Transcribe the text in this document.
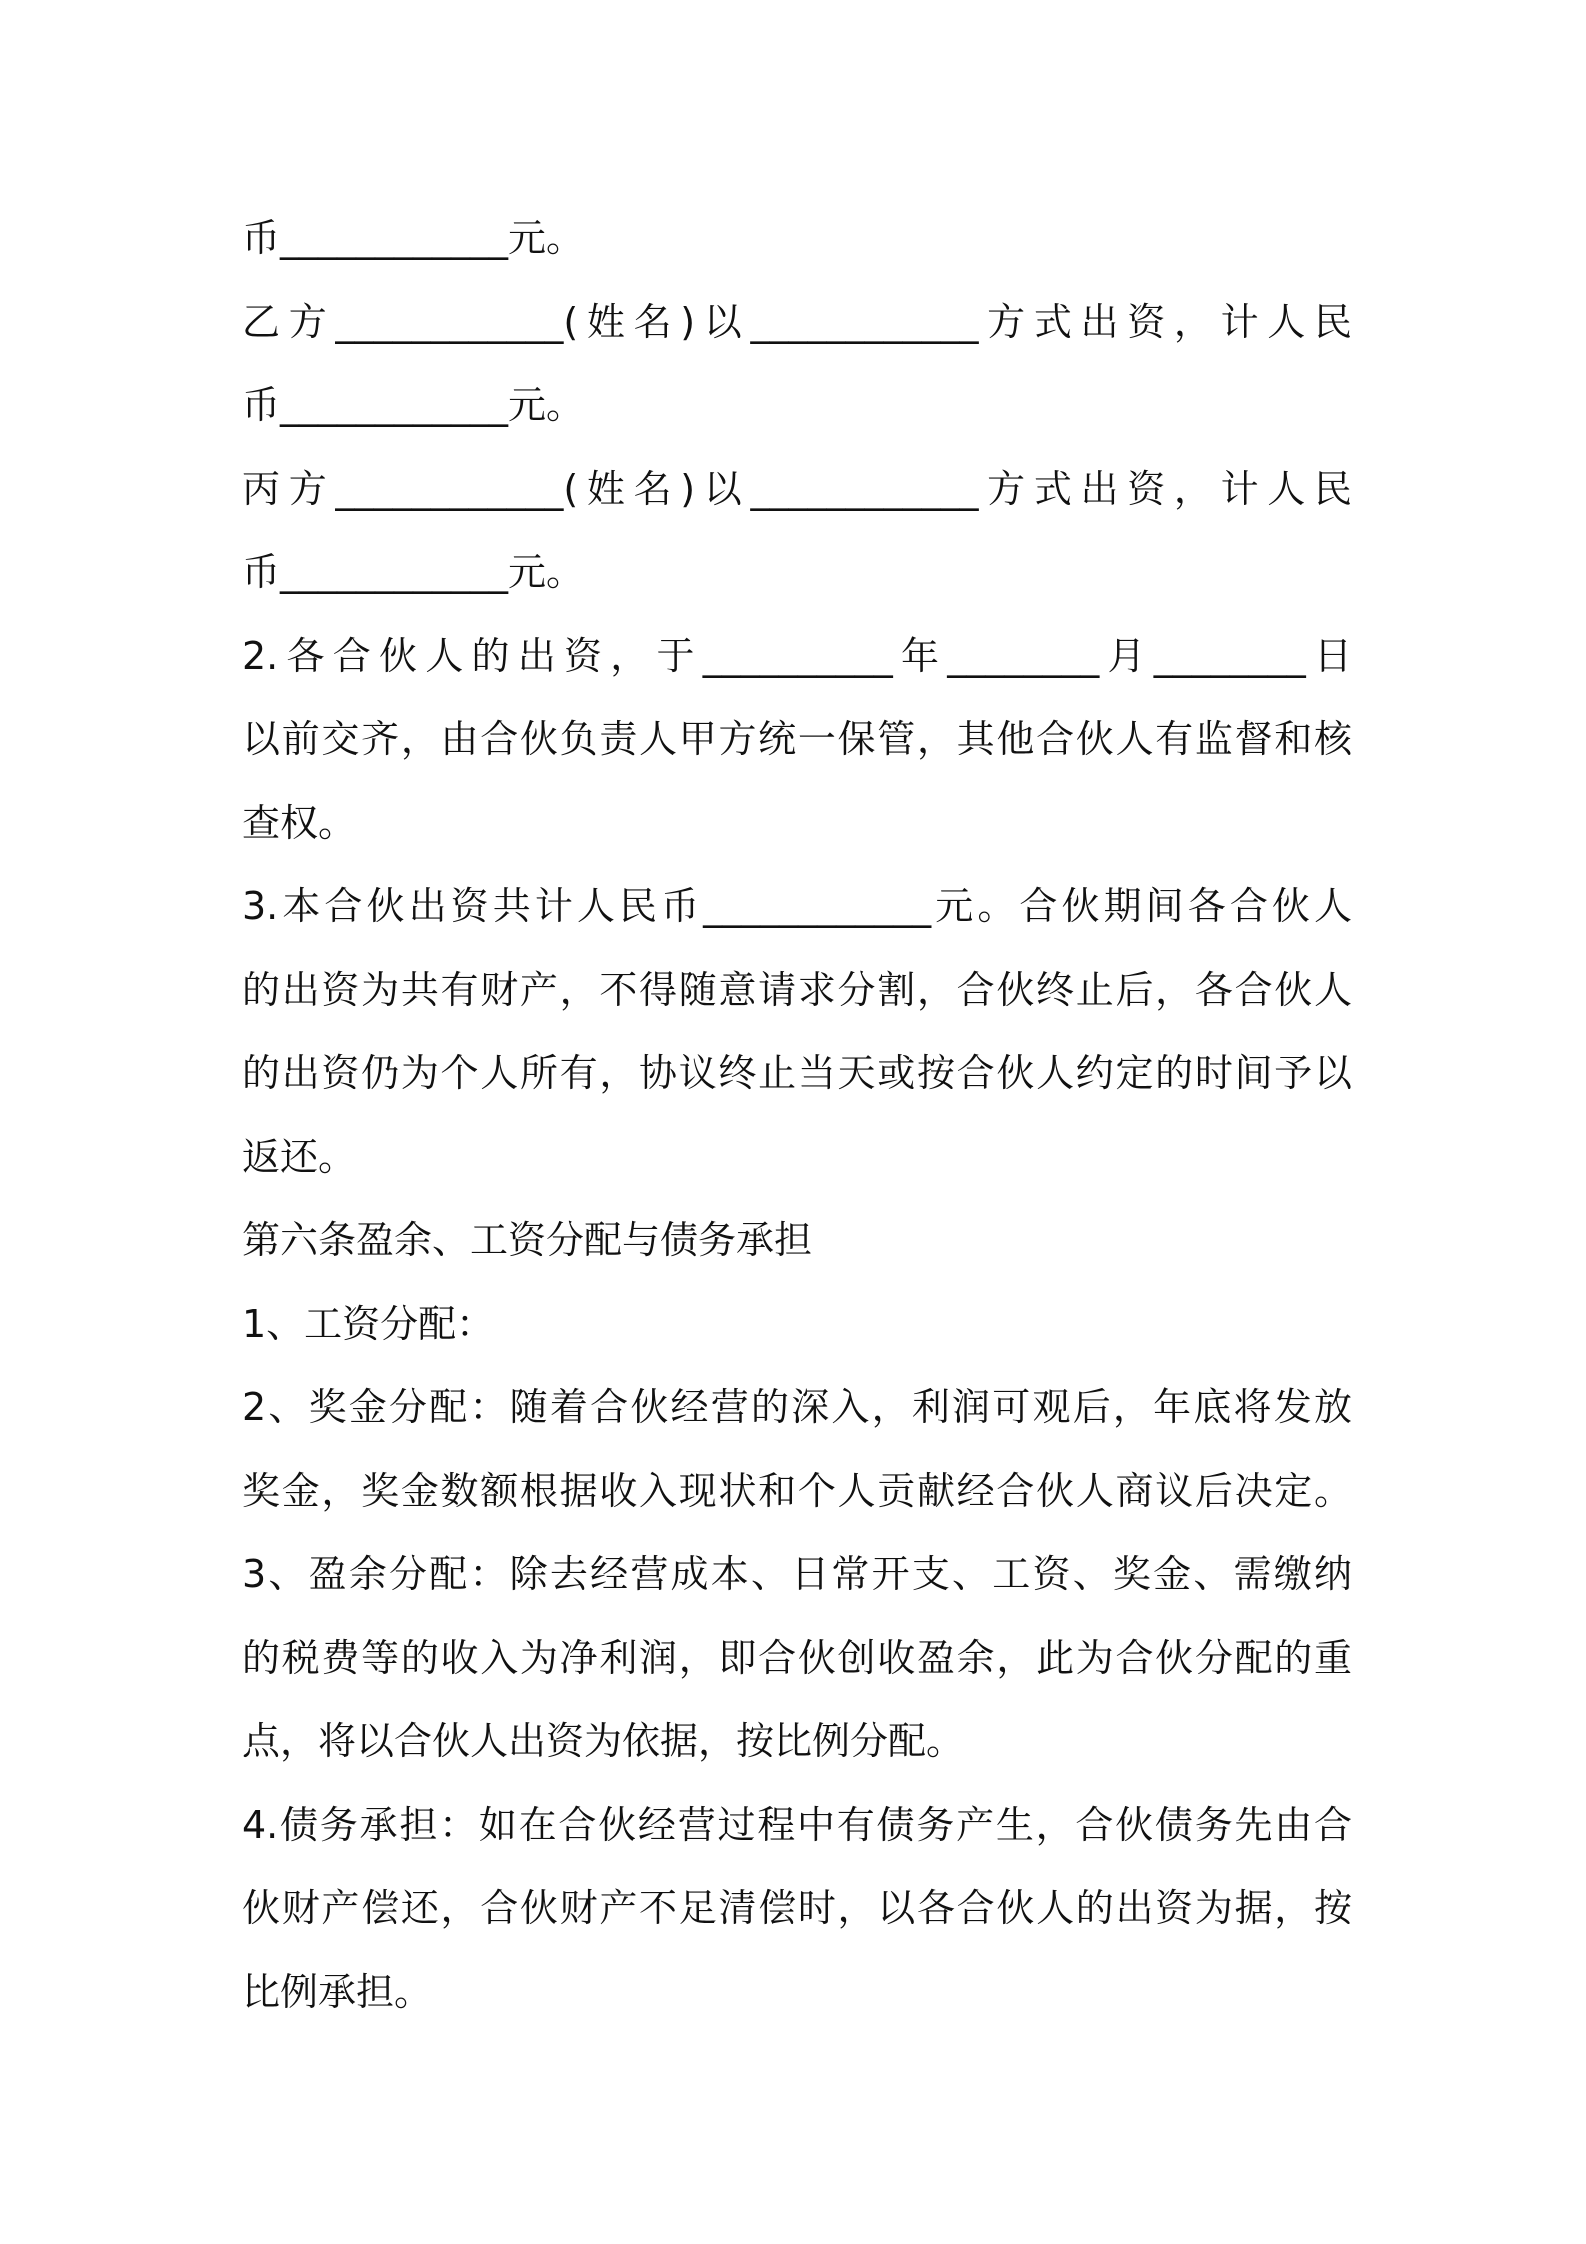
币____________元。
乙方____________(姓名)以____________方式出资，计人民
币____________元。
丙方____________(姓名)以____________方式出资，计人民
币____________元。
2.各合伙人的出资，于__________年________月________日
以前交齐，由合伙负责人甲方统一保管，其他合伙人有监督和核
查权。
3.本合伙出资共计人民币____________元。合伙期间各合伙人
的出资为共有财产，不得随意请求分割，合伙终止后，各合伙人
的出资仍为个人所有，协议终止当天或按合伙人约定的时间予以
返还。
第六条盈余、工资分配与债务承担
1、工资分配：
2、奖金分配：随着合伙经营的深入，利润可观后，年底将发放
奖金，奖金数额根据收入现状和个人贡献经合伙人商议后决定。
3、盈余分配：除去经营成本、日常开支、工资、奖金、需缴纳
的税费等的收入为净利润，即合伙创收盈余，此为合伙分配的重
点，将以合伙人出资为依据，按比例分配。
4.债务承担：如在合伙经营过程中有债务产生，合伙债务先由合
伙财产偿还，合伙财产不足清偿时，以各合伙人的出资为据，按
比例承担。
